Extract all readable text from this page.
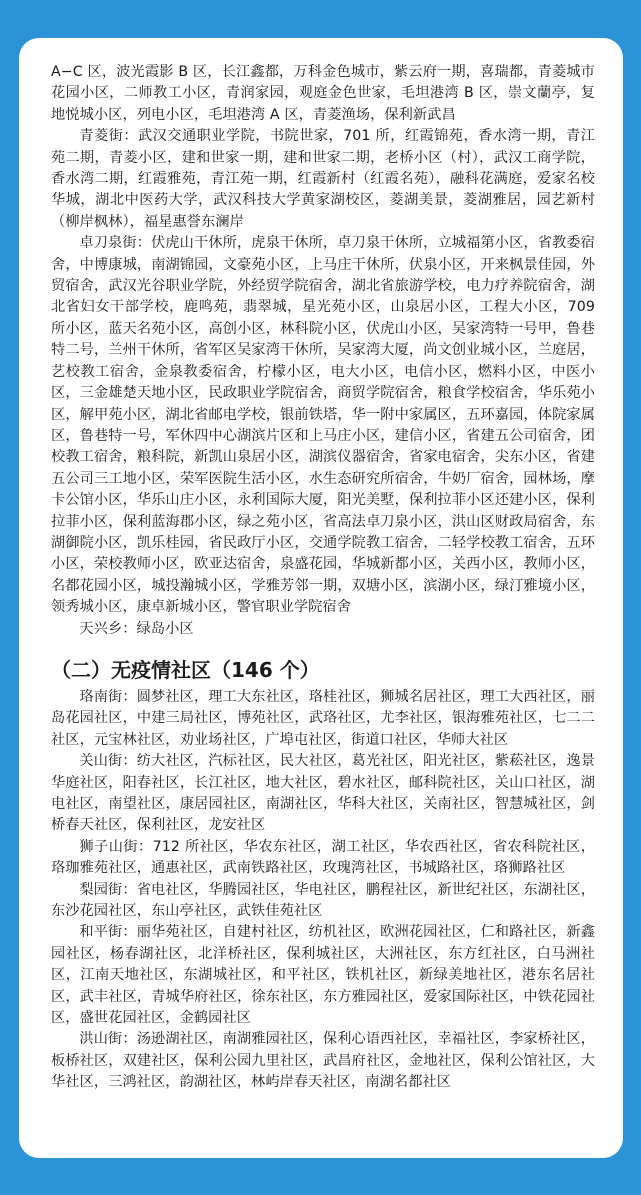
A−C 区，波光霞影 B 区，长江鑫都，万科金色城市，紫云府一期，喜瑞都，青菱城市花园小区，二师教工小区，青润家园，观庭金色世家，毛坦港湾 B 区，崇文蘭亭，复地悦城小区，列电小区，毛坦港湾 A 区，青菱渔场，保利新武昌

青菱街：武汉交通职业学院，书院世家，701 所，红霞锦苑，香水湾一期，青江苑二期，青菱小区，建和世家一期，建和世家二期，老桥小区（村），武汉工商学院，香水湾二期，红霞雅苑，青江苑一期，红霞新村（红霞名苑），融科花满庭，爱家名校华城，湖北中医药大学，武汉科技大学黄家湖校区，菱湖美景，菱湖雅居，园艺新村（柳岸枫林），福星惠誉东澜岸

卓刀泉街：伏虎山干休所，虎泉干休所，卓刀泉干休所，立城福第小区，省教委宿舍，中博康城，南湖锦园，文豪苑小区，上马庄干休所，伏泉小区，开来枫景佳园，外贸宿舍，武汉光谷职业学院，外经贸学院宿舍，湖北省旅游学校，电力疗养院宿舍，湖北省妇女干部学校，鹿鸣苑，翡翠城，星光苑小区，山泉居小区，工程大小区，709 所小区，蓝天名苑小区，高创小区，林科院小区，伏虎山小区，吴家湾特一号甲，鲁巷特二号，兰州干休所，省军区吴家湾干休所，吴家湾大厦，尚文创业城小区，兰庭居，艺校教工宿舍，金泉教委宿舍，柠檬小区，电大小区，电信小区，燃料小区，中医小区，三金雄楚天地小区，民政职业学院宿舍，商贸学院宿舍，粮食学校宿舍，华乐苑小区，解甲苑小区，湖北省邮电学校，银前铁塔，华一附中家属区，五环嘉园，体院家属区，鲁巷特一号，军休四中心湖滨片区和上马庄小区，建信小区，省建五公司宿舍，团校教工宿舍，粮科院，新凯山泉居小区，湖滨仪器宿舍，省家电宿舍，尖东小区，省建五公司三工地小区，荣军医院生活小区，水生态研究所宿舍，牛奶厂宿舍，园林场，摩卡公馆小区，华乐山庄小区，永利国际大厦，阳光美墅，保利拉菲小区还建小区，保利拉菲小区，保利蓝海郡小区，绿之苑小区，省高法卓刀泉小区，洪山区财政局宿舍，东湖御院小区，凯乐桂园，省民政厅小区，交通学院教工宿舍，二轻学校教工宿舍，五环小区，荣校教师小区，欧亚达宿舍，泉盛花园，华城新都小区，关西小区，教师小区，名都花园小区，城投瀚城小区，学雅芳邻一期，双塘小区，滨湖小区，绿汀雅境小区，领秀城小区，康卓新城小区，警官职业学院宿舍

天兴乡：绿岛小区

（二）无疫情社区（146 个）

珞南街：圆梦社区，理工大东社区，珞桂社区，狮城名居社区，理工大西社区，丽岛花园社区，中建三局社区，博苑社区，武珞社区，尤李社区，银海雅苑社区，七二二社区，元宝林社区，劝业场社区，广埠屯社区，街道口社区，华师大社区

关山街：纺大社区，汽标社区，民大社区，葛光社区，阳光社区，紫菘社区，逸景华庭社区，阳春社区，长江社区，地大社区，碧水社区，邮科院社区，关山口社区，湖电社区，南望社区，康居园社区，南湖社区，华科大社区，关南社区，智慧城社区，剑桥春天社区，保利社区，龙安社区

狮子山街：712 所社区，华农东社区，湖工社区，华农西社区，省农科院社区，珞珈雅苑社区，通惠社区，武南铁路社区，玫瑰湾社区，书城路社区，珞狮路社区

梨园街：省电社区，华腾园社区，华电社区，鹏程社区，新世纪社区，东湖社区，东沙花园社区，东山亭社区，武铁佳苑社区

和平街：丽华苑社区，自建村社区，纺机社区，欧洲花园社区，仁和路社区，新鑫园社区，杨春湖社区，北洋桥社区，保利城社区，大洲社区，东方红社区，白马洲社区，江南天地社区，东湖城社区，和平社区，铁机社区，新绿美地社区，港东名居社区，武丰社区，青城华府社区，徐东社区，东方雅园社区，爱家国际社区，中铁花园社区，盛世花园社区，金鹤园社区

洪山街：汤逊湖社区，南湖雅园社区，保利心语西社区，幸福社区，李家桥社区，板桥社区，双建社区，保利公园九里社区，武昌府社区，金地社区，保利公馆社区，大华社区，三鸿社区，韵湖社区，林屿岸春天社区，南湖名都社区
